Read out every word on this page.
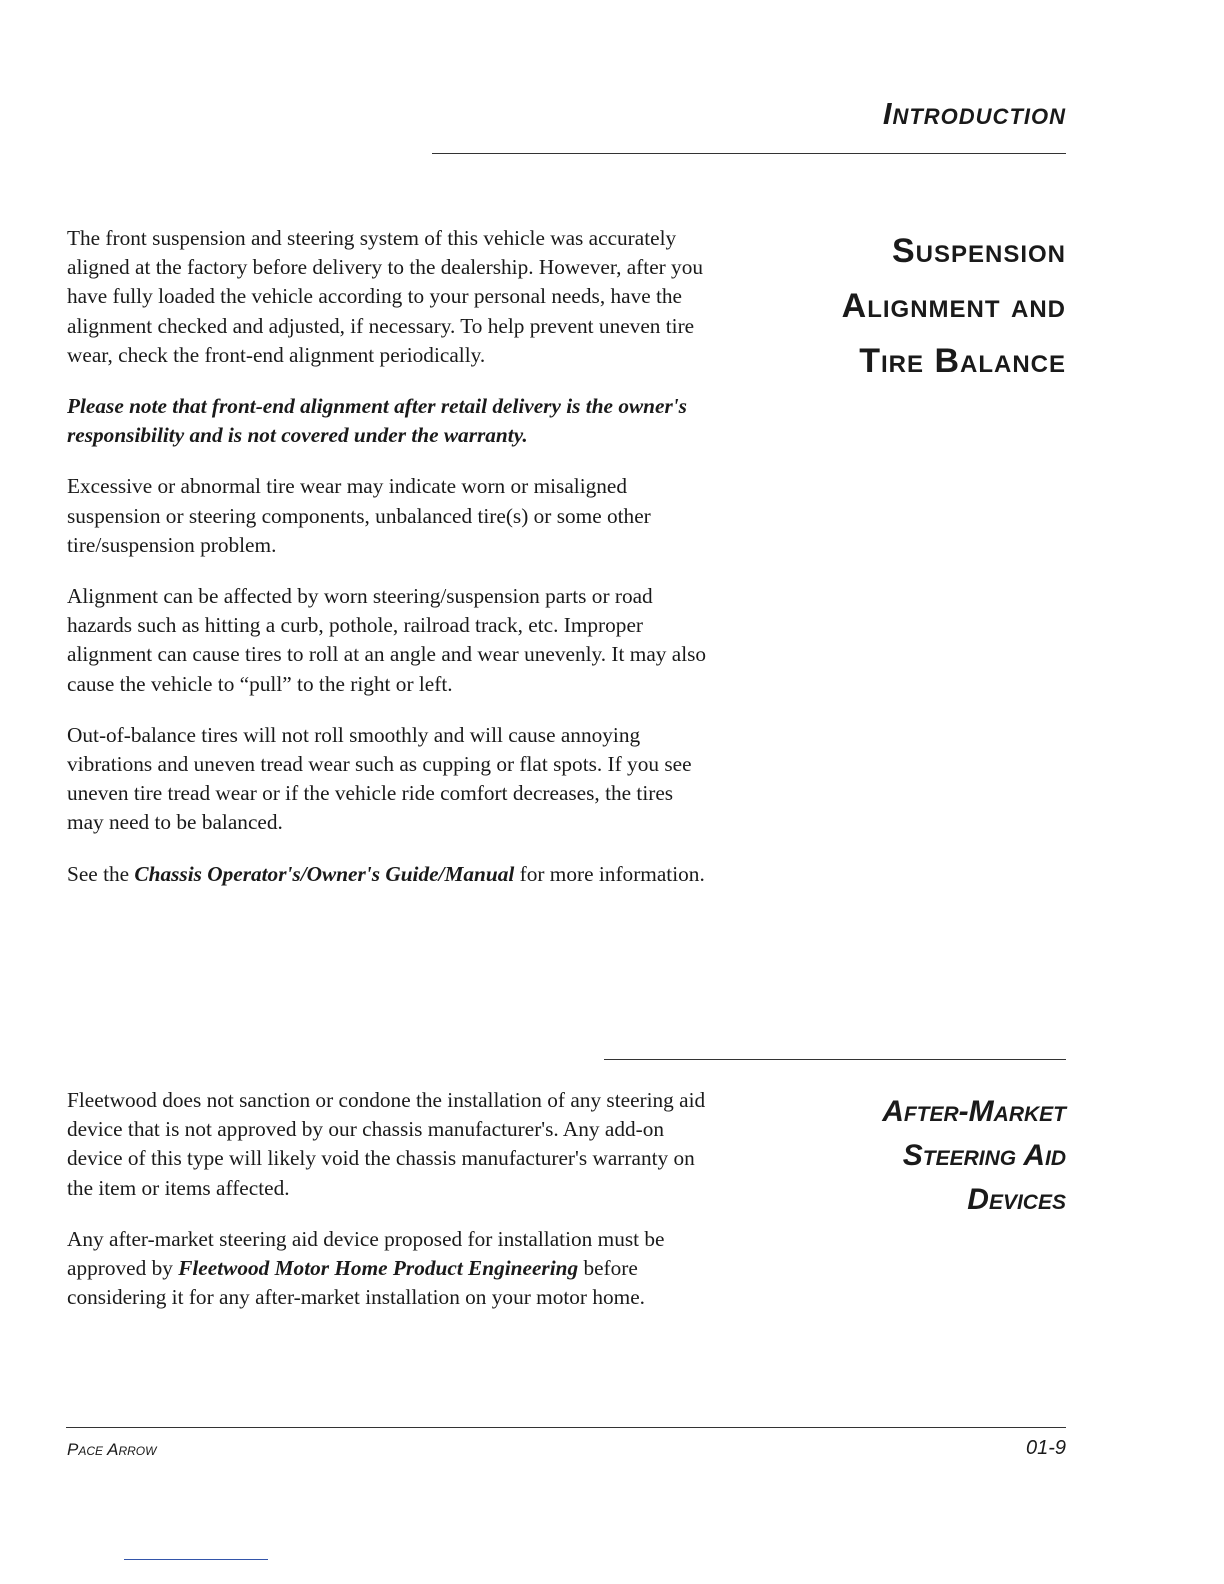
Introduction
Suspension
Alignment and
Tire Balance

The front suspension and steering system of this vehicle was accurately aligned at the factory before delivery to the dealership. However, after you have fully loaded the vehicle according to your personal needs, have the alignment checked and adjusted, if necessary. To help prevent uneven tire wear, check the front-end alignment periodically.

Please note that front-end alignment after retail delivery is the owner's responsibility and is not covered under the warranty.

Excessive or abnormal tire wear may indicate worn or misaligned suspension or steering components, unbalanced tire(s) or some other tire/suspension problem.

Alignment can be affected by worn steering/suspension parts or road hazards such as hitting a curb, pothole, railroad track, etc. Improper alignment can cause tires to roll at an angle and wear unevenly. It may also cause the vehicle to “pull” to the right or left.

Out-of-balance tires will not roll smoothly and will cause annoying vibrations and uneven tread wear such as cupping or flat spots. If you see uneven tire tread wear or if the vehicle ride comfort decreases, the tires may need to be balanced.

See the Chassis Operator's/Owner's Guide/Manual for more information.

After-Market
Steering Aid
Devices

Fleetwood does not sanction or condone the installation of any steering aid device that is not approved by our chassis manufacturer's. Any add-on device of this type will likely void the chassis manufacturer's warranty on the item or items affected.

Any after-market steering aid device proposed for installation must be approved by Fleetwood Motor Home Product Engineering before considering it for any after-market installation on your motor home.

Pace Arrow	01-9
